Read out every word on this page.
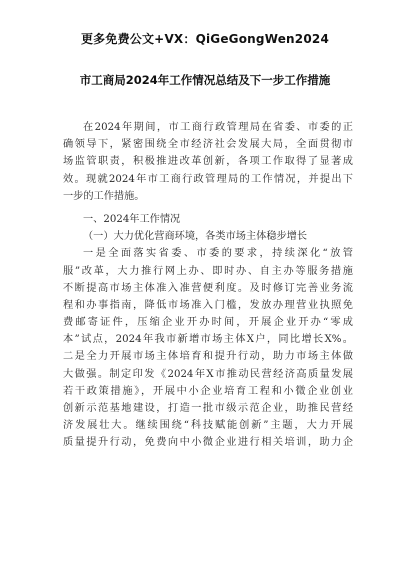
更多免费公文+VX：QiGeGongWen2024
市工商局2024年工作情况总结及下一步工作措施
在2024年期间，市工商行政管理局在省委、市委的正
确领导下，紧密围绕全市经济社会发展大局，全面贯彻市
场监管职责，积极推进改革创新，各项工作取得了显著成
效。现就2024年市工商行政管理局的工作情况，并提出下
一步的工作措施。
一、2024年工作情况
（一）大力优化营商环境，各类市场主体稳步增长
一是全面落实省委、市委的要求，持续深化“放管
服”改革，大力推行网上办、即时办、自主办等服务措施
不断提高市场主体准入准营便利度。及时修订完善业务流
程和办事指南，降低市场准入门槛，发放办理营业执照免
费邮寄证件，压缩企业开办时间，开展企业开办“零成
本”试点，2024年我市新增市场主体X户，同比增长X%。
二是全力开展市场主体培育和提升行动，助力市场主体做
大做强。制定印发《2024年X市推动民营经济高质量发展
若干政策措施》，开展中小企业培育工程和小微企业创业
创新示范基地建设，打造一批市级示范企业，助推民营经
济发展壮大。继续围绕“科技赋能创新”主题，大力开展
质量提升行动，免费向中小微企业进行相关培训，助力企
